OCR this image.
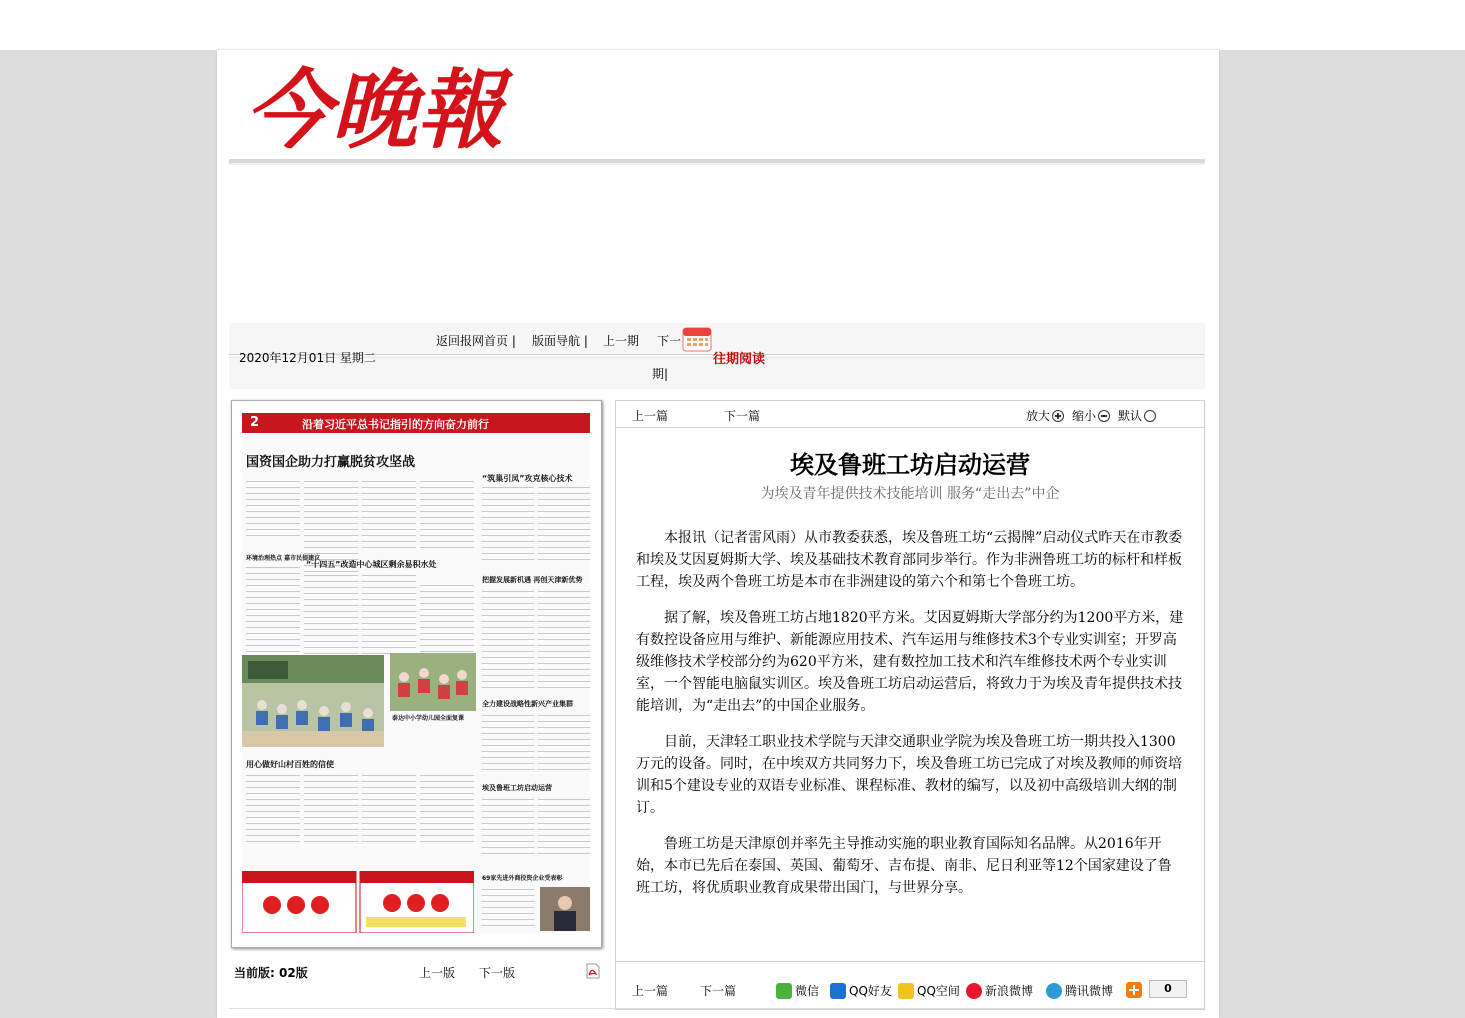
今晚報
2020年12月01日 星期二
返回报网首页 | 版面导航 | 上一期 下一
往期阅读
期|
2	沿着习近平总书记指引的方向奋力前行
国资国企助力打赢脱贫攻坚战
环境治理热点 嘉市民提建议
“十四五”改造中心城区剩余易积水处
“筑巢引凤”攻克核心技术
把握发展新机遇 再创天津新优势
全力建设战略性新兴产业集群
泰达中小学幼儿园全面复课
用心做好山村百姓的信使
埃及鲁班工坊启动运营
69家先进外商投资企业受表彰
当前版: 02版	上一版 下一版
上一篇	下一篇	放大 缩小 默认
埃及鲁班工坊启动运营
为埃及青年提供技术技能培训 服务“走出去”中企

本报讯（记者雷风雨）从市教委获悉，埃及鲁班工坊“云揭牌”启动仪式昨天在市教委和埃及艾因夏姆斯大学、埃及基础技术教育部同步举行。作为非洲鲁班工坊的标杆和样板工程，埃及两个鲁班工坊是本市在非洲建设的第六个和第七个鲁班工坊。

据了解，埃及鲁班工坊占地1820平方米。艾因夏姆斯大学部分约为1200平方米，建有数控设备应用与维护、新能源应用技术、汽车运用与维修技术3个专业实训室；开罗高级维修技术学校部分约为620平方米，建有数控加工技术和汽车维修技术两个专业实训室，一个智能电脑鼠实训区。埃及鲁班工坊启动运营后，将致力于为埃及青年提供技术技能培训，为“走出去”的中国企业服务。

目前，天津轻工职业技术学院与天津交通职业学院为埃及鲁班工坊一期共投入1300万元的设备。同时，在中埃双方共同努力下，埃及鲁班工坊已完成了对埃及教师的师资培训和5个建设专业的双语专业标准、课程标准、教材的编写，以及初中高级培训大纲的制订。

鲁班工坊是天津原创并率先主导推动实施的职业教育国际知名品牌。从2016年开始，本市已先后在泰国、英国、葡萄牙、吉布提、南非、尼日利亚等12个国家建设了鲁班工坊，将优质职业教育成果带出国门，与世界分享。

上一篇	下一篇	微信 QQ好友 QQ空间 新浪微博	腾讯微博	0
